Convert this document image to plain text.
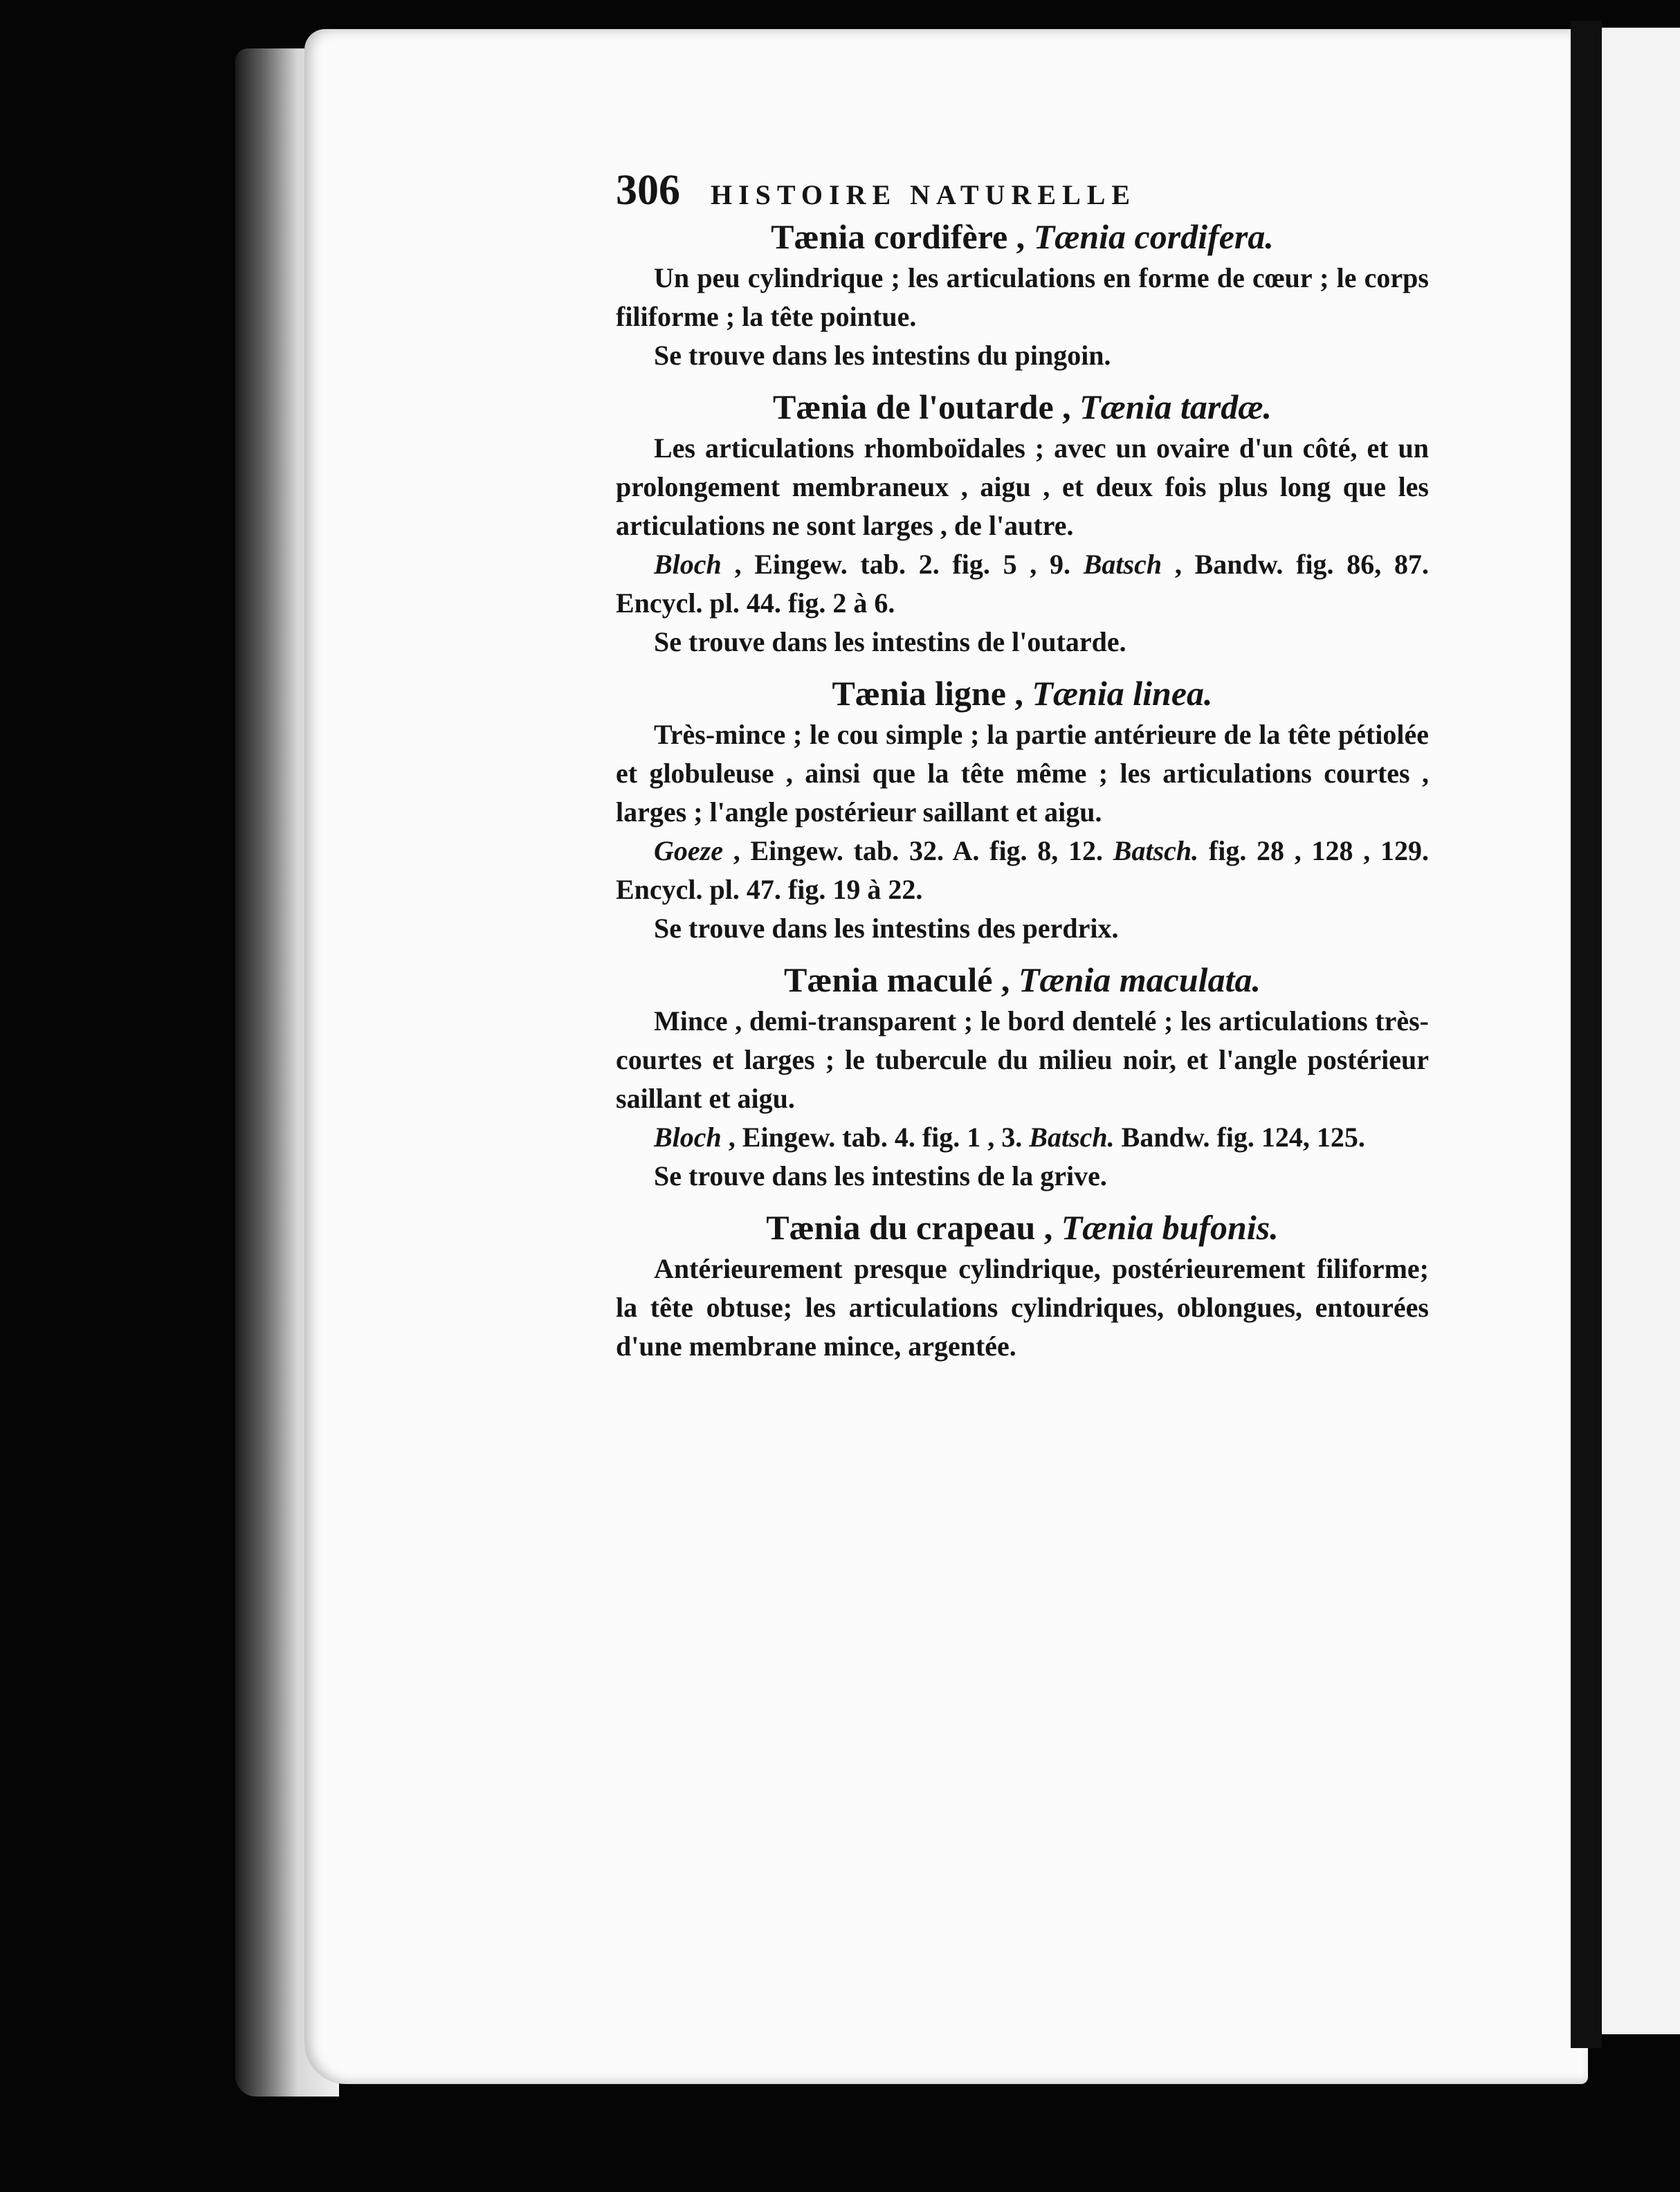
306 HISTOIRE NATURELLE

Tænia cordifère , Tænia cordifera.

Un peu cylindrique ; les articulations en forme de cœur ; le corps filiforme ; la tête pointue.

Se trouve dans les intestins du pingoin.

Tænia de l'outarde , Tænia tardæ.

Les articulations rhomboïdales ; avec un ovaire d'un côté, et un prolongement membraneux , aigu , et deux fois plus long que les articulations ne sont larges , de l'autre.

Bloch , Eingew. tab. 2. fig. 5 , 9. Batsch , Bandw. fig. 86, 87. Encycl. pl. 44. fig. 2 à 6.

Se trouve dans les intestins de l'outarde.

Tænia ligne , Tænia linea.

Très-mince ; le cou simple ; la partie antérieure de la tête pétiolée et globuleuse , ainsi que la tête même ; les articulations courtes , larges ; l'angle postérieur saillant et aigu.

Goeze , Eingew. tab. 32. A. fig. 8, 12. Batsch. fig. 28 , 128 , 129. Encycl. pl. 47. fig. 19 à 22.

Se trouve dans les intestins des perdrix.

Tænia maculé , Tænia maculata.

Mince , demi-transparent ; le bord dentelé ; les articulations très-courtes et larges ; le tubercule du milieu noir, et l'angle postérieur saillant et aigu.

Bloch , Eingew. tab. 4. fig. 1 , 3. Batsch. Bandw. fig. 124, 125.

Se trouve dans les intestins de la grive.

Tænia du crapeau , Tænia bufonis.

Antérieurement presque cylindrique, postérieurement filiforme; la tête obtuse; les articulations cylindriques, oblongues, entourées d'une membrane mince, argentée.
